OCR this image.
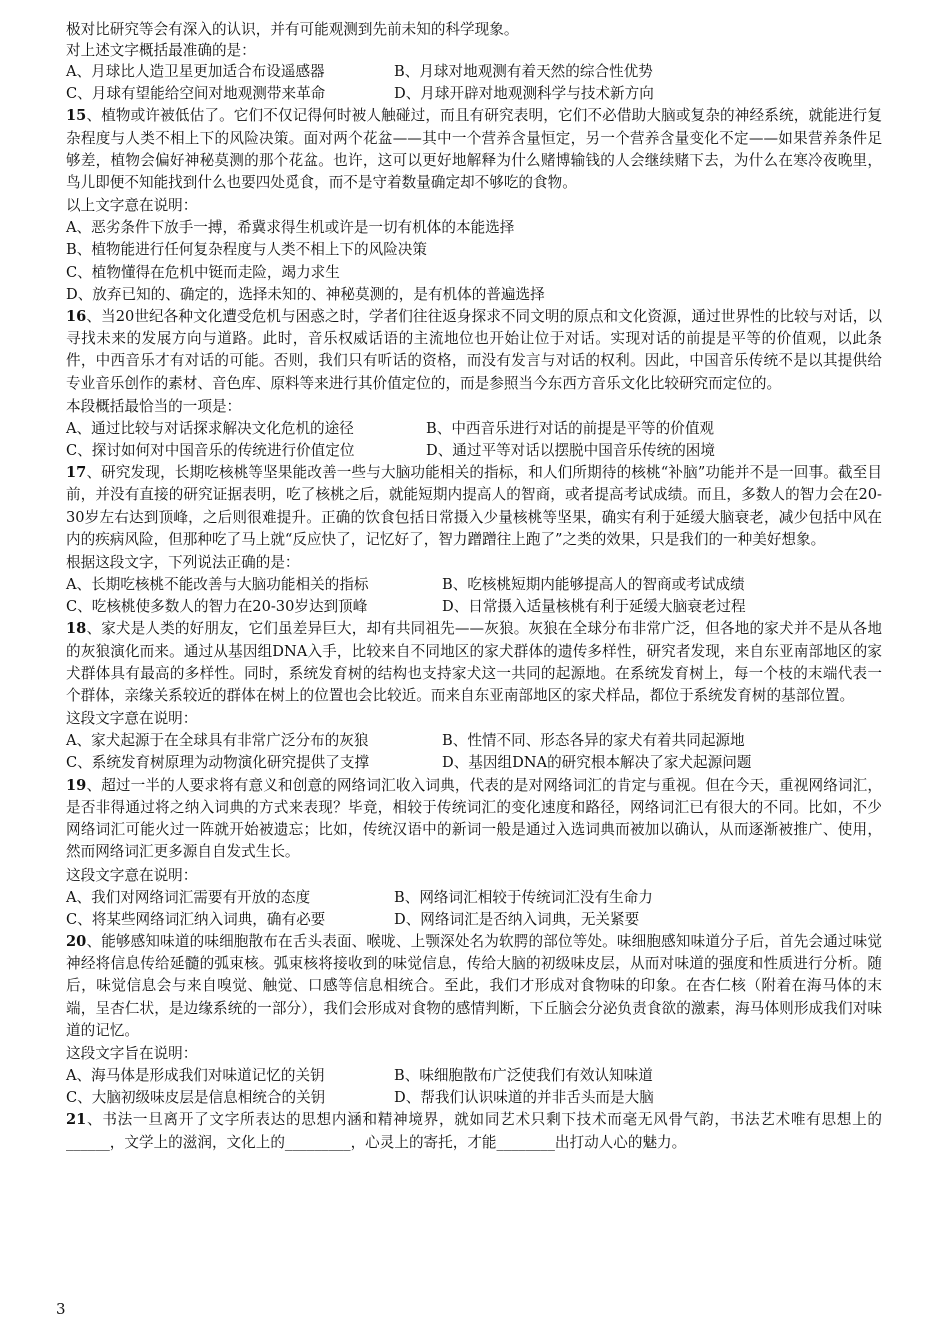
极对比研究等会有深入的认识，并有可能观测到先前未知的科学现象。
对上述文字概括最准确的是：
A、月球比人造卫星更加适合布设遥感器	B、月球对地观测有着天然的综合性优势
C、月球有望能给空间对地观测带来革命	D、月球开辟对地观测科学与技术新方向
15、植物或许被低估了。它们不仅记得何时被人触碰过，而且有研究表明，它们不必借助大脑或复杂的神经系统，就能进行复杂程度与人类不相上下的风险决策。面对两个花盆——其中一个营养含量恒定，另一个营养含量变化不定——如果营养条件足够差，植物会偏好神秘莫测的那个花盆。也许，这可以更好地解释为什么赌博输钱的人会继续赌下去，为什么在寒冷夜晚里，鸟儿即便不知能找到什么也要四处觅食，而不是守着数量确定却不够吃的食物。
以上文字意在说明：
A、恶劣条件下放手一搏，希冀求得生机或许是一切有机体的本能选择
B、植物能进行任何复杂程度与人类不相上下的风险决策
C、植物懂得在危机中铤而走险，竭力求生
D、放弃已知的、确定的，选择未知的、神秘莫测的，是有机体的普遍选择
16、当20世纪各种文化遭受危机与困惑之时，学者们往往返身探求不同文明的原点和文化资源，通过世界性的比较与对话，以寻找未来的发展方向与道路。此时，音乐权威话语的主流地位也开始让位于对话。实现对话的前提是平等的价值观，以此条件，中西音乐才有对话的可能。否则，我们只有听话的资格，而没有发言与对话的权利。因此，中国音乐传统不是以其提供给专业音乐创作的素材、音色库、原料等来进行其价值定位的，而是参照当今东西方音乐文化比较研究而定位的。
本段概括最恰当的一项是：
A、通过比较与对话探求解决文化危机的途径	B、中西音乐进行对话的前提是平等的价值观
C、探讨如何对中国音乐的传统进行价值定位	D、通过平等对话以摆脱中国音乐传统的困境
17、研究发现，长期吃核桃等坚果能改善一些与大脑功能相关的指标，和人们所期待的核桃“补脑”功能并不是一回事。截至目前，并没有直接的研究证据表明，吃了核桃之后，就能短期内提高人的智商，或者提高考试成绩。而且，多数人的智力会在20-30岁左右达到顶峰，之后则很难提升。正确的饮食包括日常摄入少量核桃等坚果，确实有利于延缓大脑衰老，减少包括中风在内的疾病风险，但那种吃了马上就“反应快了，记忆好了，智力蹭蹭往上跑了”之类的效果，只是我们的一种美好想象。
根据这段文字，下列说法正确的是：
A、长期吃核桃不能改善与大脑功能相关的指标	B、吃核桃短期内能够提高人的智商或考试成绩
C、吃核桃使多数人的智力在20-30岁达到顶峰	D、日常摄入适量核桃有利于延缓大脑衰老过程
18、家犬是人类的好朋友，它们虽差异巨大，却有共同祖先——灰狼。灰狼在全球分布非常广泛，但各地的家犬并不是从各地的灰狼演化而来。通过从基因组DNA入手，比较来自不同地区的家犬群体的遗传多样性，研究者发现，来自东亚南部地区的家犬群体具有最高的多样性。同时，系统发育树的结构也支持家犬这一共同的起源地。在系统发育树上，每一个枝的末端代表一个群体，亲缘关系较近的群体在树上的位置也会比较近。而来自东亚南部地区的家犬样品，都位于系统发育树的基部位置。
这段文字意在说明：
A、家犬起源于在全球具有非常广泛分布的灰狼	B、性情不同、形态各异的家犬有着共同起源地
C、系统发育树原理为动物演化研究提供了支撑	D、基因组DNA的研究根本解决了家犬起源问题
19、超过一半的人要求将有意义和创意的网络词汇收入词典，代表的是对网络词汇的肯定与重视。但在今天，重视网络词汇，是否非得通过将之纳入词典的方式来表现？毕竟，相较于传统词汇的变化速度和路径，网络词汇已有很大的不同。比如，不少网络词汇可能火过一阵就开始被遗忘；比如，传统汉语中的新词一般是通过入选词典而被加以确认，从而逐渐被推广、使用，然而网络词汇更多源自自发式生长。
这段文字意在说明：
A、我们对网络词汇需要有开放的态度	B、网络词汇相较于传统词汇没有生命力
C、将某些网络词汇纳入词典，确有必要	D、网络词汇是否纳入词典，无关紧要
20、能够感知味道的味细胞散布在舌头表面、喉咙、上颚深处名为软腭的部位等处。味细胞感知味道分子后，首先会通过味觉神经将信息传给延髓的弧束核。弧束核将接收到的味觉信息，传给大脑的初级味皮层，从而对味道的强度和性质进行分析。随后，味觉信息会与来自嗅觉、触觉、口感等信息相统合。至此，我们才形成对食物味的印象。在杏仁核（附着在海马体的末端，呈杏仁状，是边缘系统的一部分），我们会形成对食物的感情判断，下丘脑会分泌负责食欲的激素，海马体则形成我们对味道的记忆。
这段文字旨在说明：
A、海马体是形成我们对味道记忆的关钥	B、味细胞散布广泛使我们有效认知味道
C、大脑初级味皮层是信息相统合的关钥	D、帮我们认识味道的并非舌头而是大脑
21、书法一旦离开了文字所表达的思想内涵和精神境界，就如同艺术只剩下技术而毫无风骨气韵，书法艺术唯有思想上的______，文学上的滋润，文化上的_________，心灵上的寄托，才能________出打动人心的魅力。
3
